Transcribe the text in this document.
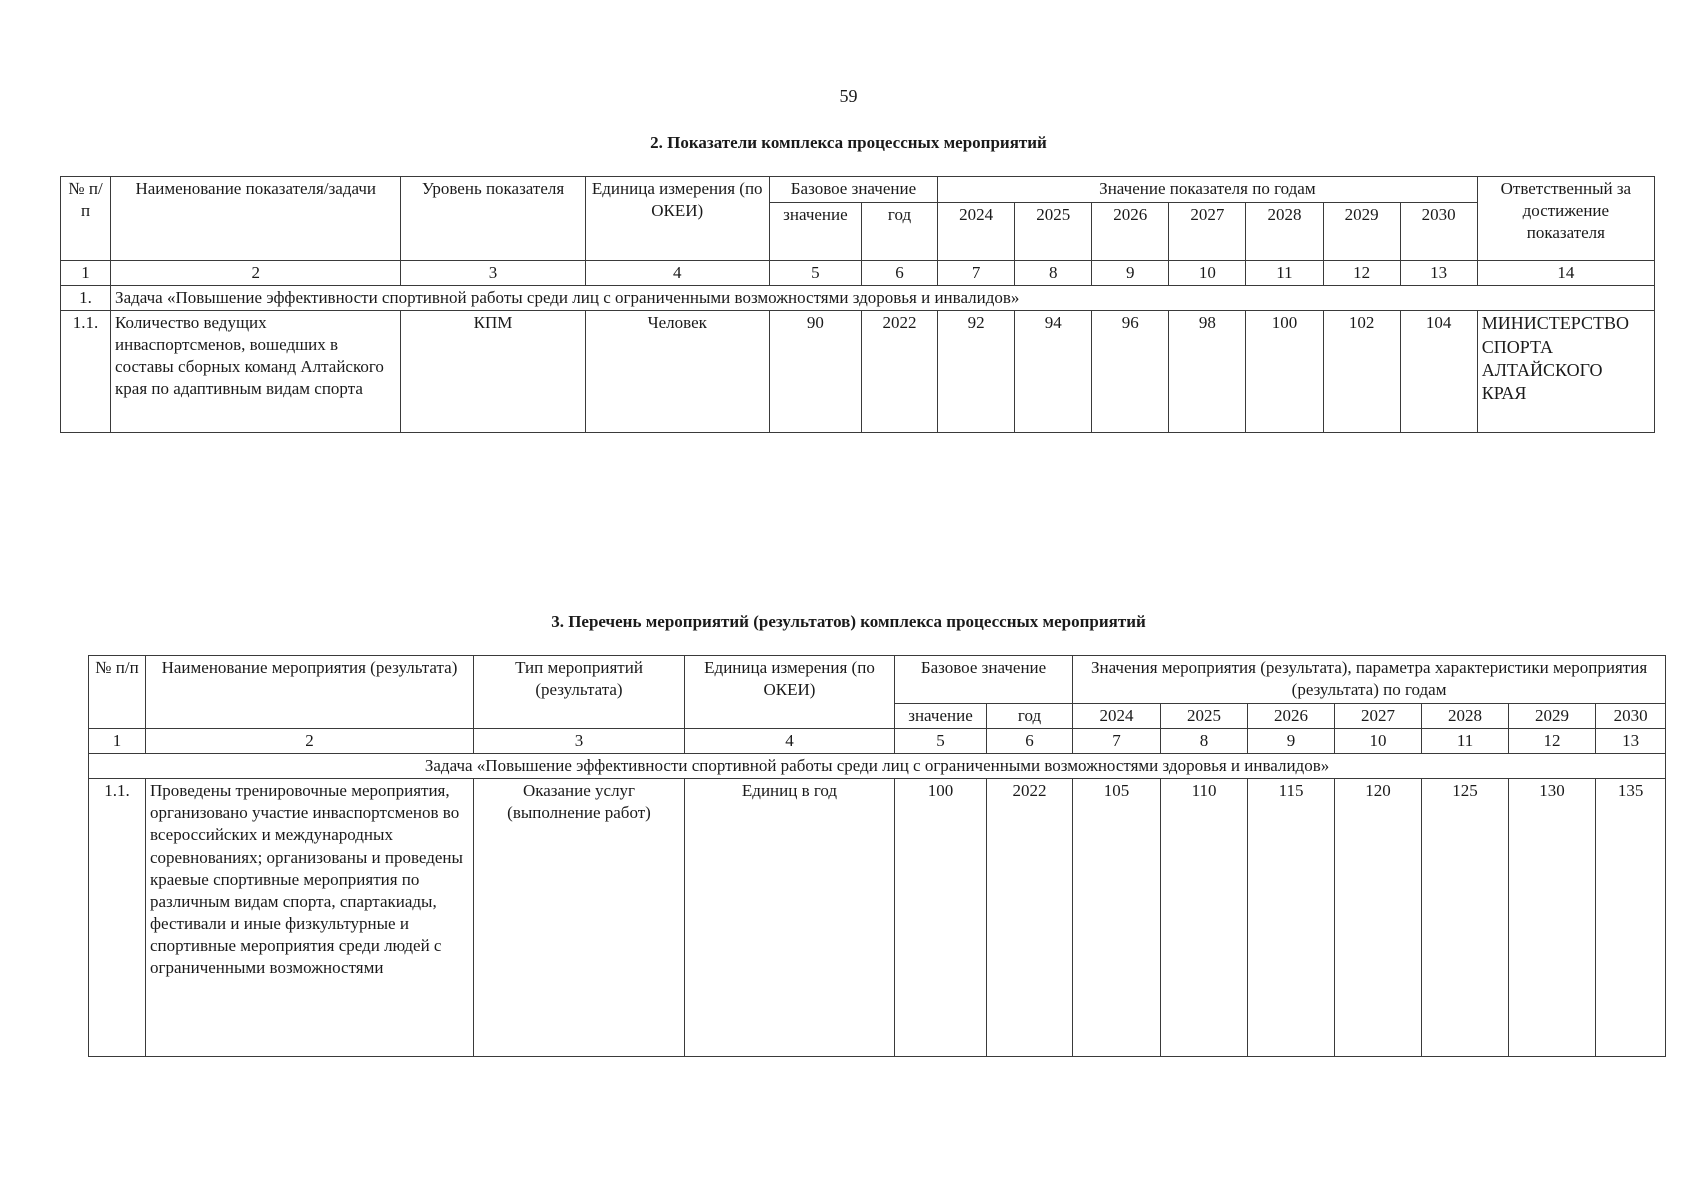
59
2. Показатели комплекса процессных мероприятий
№ п/п	Наименование показателя/задачи	Уровень показателя	Единица измерения (по ОКЕИ)	Базовое значение		Значение показателя по годам							Ответственный за достижение показателя
				значение	год	2024	2025	2026	2027	2028	2029	2030	
1	2	3	4	5	6	7	8	9	10	11	12	13	14
1.	Задача «Повышение эффективности спортивной работы среди лиц с ограниченными возможностями здоровья и инвалидов»												
1.1.	Количество ведущих инваспортсменов, вошедших в составы сборных команд Алтайского края по адаптивным видам спорта	КПМ	Человек	90	2022	92	94	96	98	100	102	104	МИНИСТЕРСТВО СПОРТА АЛТАЙСКОГО КРАЯ
3. Перечень мероприятий (результатов) комплекса процессных мероприятий
№ п/п	Наименование мероприятия (результата)	Тип мероприятий (результата)	Единица измерения (по ОКЕИ)	Базовое значение		Значения мероприятия (результата), параметра характеристики мероприятия (результата) по годам						
				значение	год	2024	2025	2026	2027	2028	2029	2030
1	2	3	4	5	6	7	8	9	10	11	12	13
Задача «Повышение эффективности спортивной работы среди лиц с ограниченными возможностями здоровья и инвалидов»												
1.1.	Проведены тренировочные мероприятия, организовано участие инваспортсменов во всероссийских и международных соревнованиях; организованы и проведены краевые спортивные мероприятия по различным видам спорта, спартакиады, фестивали и иные физкультурные и спортивные мероприятия среди людей с ограниченными возможностями	Оказание услуг (выполнение работ)	Единиц в год	100	2022	105	110	115	120	125	130	135
